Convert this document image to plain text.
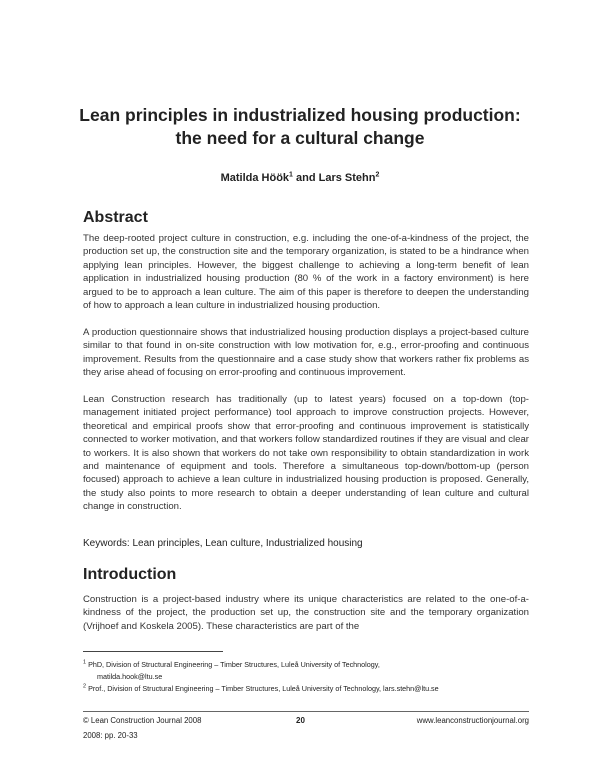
Lean principles in industrialized housing production:
the need for a cultural change
Matilda Höök$^1$ and Lars Stehn$^2$
Abstract

The deep-rooted project culture in construction, e.g. including the one-of-a-kindness of the project, the production set up, the construction site and the temporary organization, is stated to be a hindrance when applying lean principles. However, the biggest challenge to achieving a long-term benefit of lean application in industrialized housing production (80 % of the work in a factory environment) is here argued to be to approach a lean culture. The aim of this paper is therefore to deepen the understanding of how to approach a lean culture in industrialized housing production.

A production questionnaire shows that industrialized housing production displays a project-based culture similar to that found in on-site construction with low motivation for, e.g., error-proofing and continuous improvement. Results from the questionnaire and a case study show that workers rather fix problems as they arise ahead of focusing on error-proofing and continuous improvement.

Lean Construction research has traditionally (up to latest years) focused on a top-down (top-management initiated project performance) tool approach to improve construction projects. However, theoretical and empirical proofs show that error-proofing and continuous improvement is statistically connected to worker motivation, and that workers follow standardized routines if they are visual and clear to workers. It is also shown that workers do not take own responsibility to obtain standardization in work and maintenance of equipment and tools. Therefore a simultaneous top-down/bottom-up (person focused) approach to achieve a lean culture in industrialized housing production is proposed. Generally, the study also points to more research to obtain a deeper understanding of lean culture and cultural change in construction.

Keywords: Lean principles, Lean culture, Industrialized housing
Introduction

Construction is a project-based industry where its unique characteristics are related to the one-of-a-kindness of the project, the production set up, the construction site and the temporary organization (Vrijhoef and Koskela 2005). These characteristics are part of the

$^1$ PhD, Division of Structural Engineering – Timber Structures, Luleå University of Technology,
matilda.hook@ltu.se
$^2$ Prof., Division of Structural Engineering – Timber Structures, Luleå University of Technology, lars.stehn@ltu.se
© Lean Construction Journal 2008	20	www.leanconstructionjournal.org
2008: pp. 20-33
